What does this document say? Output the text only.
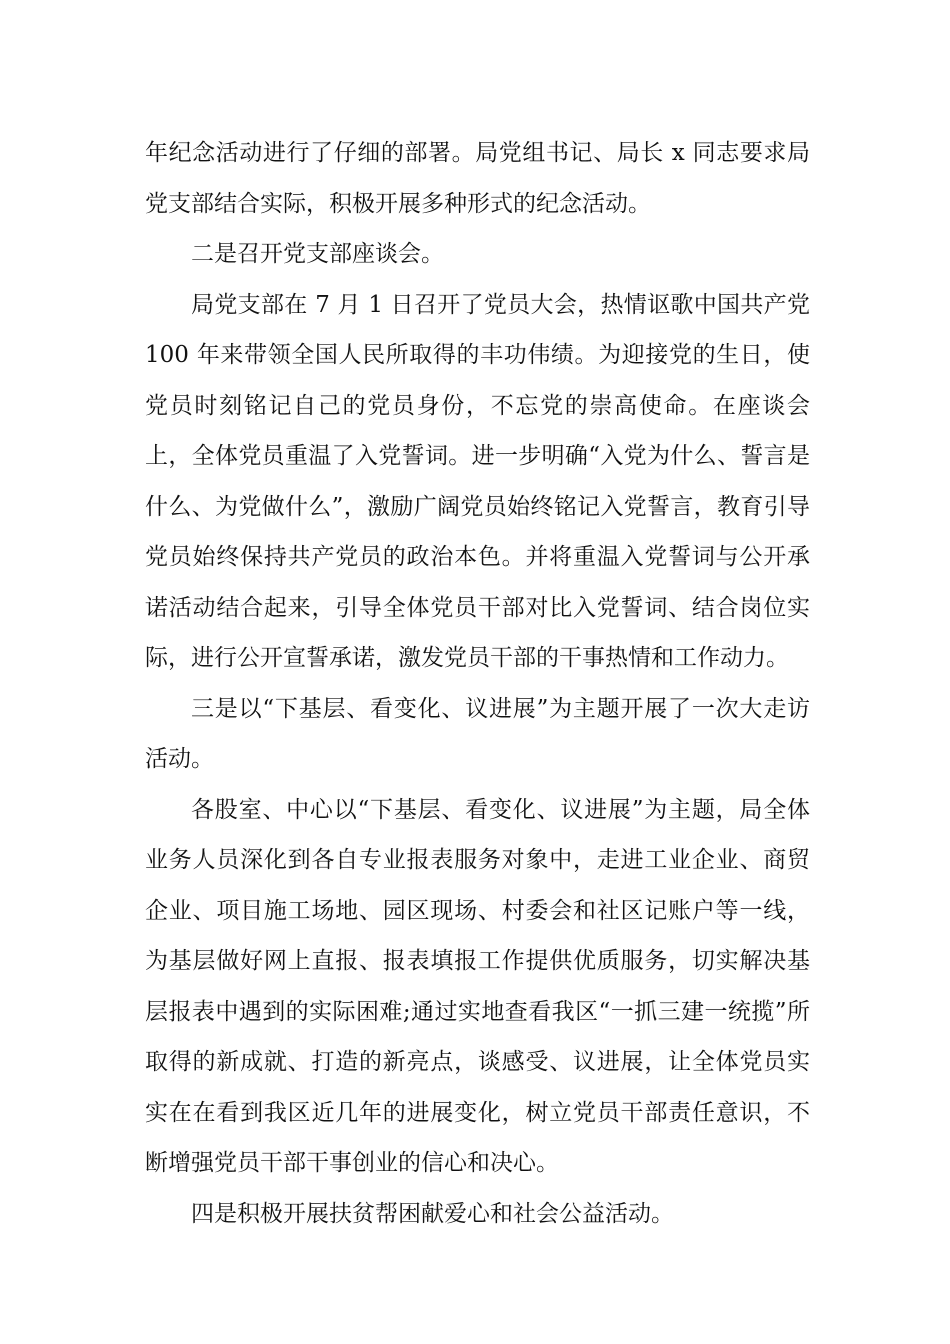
年纪念活动进行了仔细的部署。局党组书记、局长 x 同志要求局党支部结合实际，积极开展多种形式的纪念活动。

二是召开党支部座谈会。

局党支部在 7 月 1 日召开了党员大会，热情讴歌中国共产党 100 年来带领全国人民所取得的丰功伟绩。为迎接党的生日，使党员时刻铭记自己的党员身份，不忘党的崇高使命。在座谈会上，全体党员重温了入党誓词。进一步明确“入党为什么、誓言是什么、为党做什么”，激励广阔党员始终铭记入党誓言，教育引导党员始终保持共产党员的政治本色。并将重温入党誓词与公开承诺活动结合起来，引导全体党员干部对比入党誓词、结合岗位实际，进行公开宣誓承诺，激发党员干部的干事热情和工作动力。

三是以“下基层、看变化、议进展”为主题开展了一次大走访活动。

各股室、中心以“下基层、看变化、议进展”为主题，局全体业务人员深化到各自专业报表服务对象中，走进工业企业、商贸企业、项目施工场地、园区现场、村委会和社区记账户等一线，为基层做好网上直报、报表填报工作提供优质服务，切实解决基层报表中遇到的实际困难;通过实地查看我区“一抓三建一统揽”所取得的新成就、打造的新亮点，谈感受、议进展，让全体党员实实在在看到我区近几年的进展变化，树立党员干部责任意识，不断增强党员干部干事创业的信心和决心。

四是积极开展扶贫帮困献爱心和社会公益活动。
